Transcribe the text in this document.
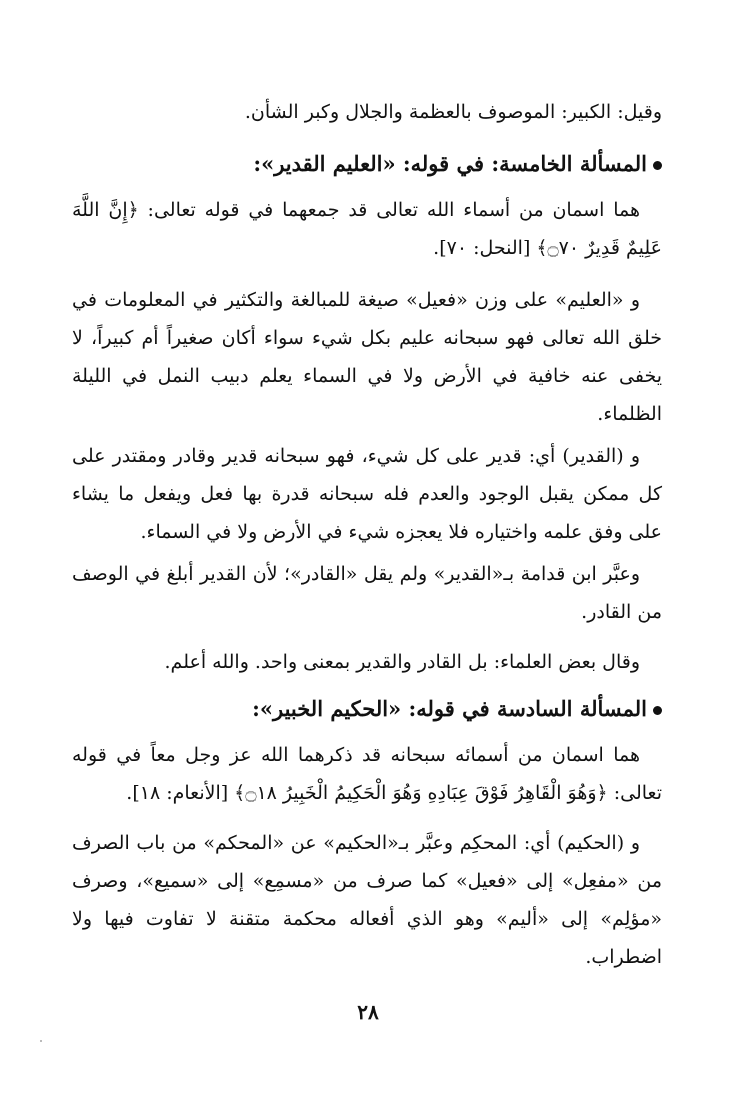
وقيل: الكبير: الموصوف بالعظمة والجلال وكبر الشأن.

المسألة الخامسة: في قوله: «العليم القدير»:

هما اسمان من أسماء الله تعالى قد جمعهما في قوله تعالى: ﴿إِنَّ اللَّهَ عَلِيمٌ قَدِيرٌ ۝٧٠﴾ [النحل: ٧٠].

و «العليم» على وزن «فعيل» صيغة للمبالغة والتكثير في المعلومات في خلق الله تعالى فهو سبحانه عليم بكل شيء سواء أكان صغيراً أم كبيراً، لا يخفى عنه خافية في الأرض ولا في السماء يعلم دبيب النمل في الليلة الظلماء.

و (القدير) أي: قدير على كل شيء، فهو سبحانه قدير وقادر ومقتدر على كل ممكن يقبل الوجود والعدم فله سبحانه قدرة بها فعل ويفعل ما يشاء على وفق علمه واختياره فلا يعجزه شيء في الأرض ولا في السماء.

وعبَّر ابن قدامة بـ«القدير» ولم يقل «القادر»؛ لأن القدير أبلغ في الوصف من القادر.

وقال بعض العلماء: بل القادر والقدير بمعنى واحد. والله أعلم.

المسألة السادسة في قوله: «الحكيم الخبير»:

هما اسمان من أسمائه سبحانه قد ذكرهما الله عز وجل معاً في قوله تعالى: ﴿وَهُوَ الْقَاهِرُ فَوْقَ عِبَادِهِ وَهُوَ الْحَكِيمُ الْخَبِيرُ ۝١٨﴾ [الأنعام: ١٨].

و (الحكيم) أي: المحكِم وعبَّر بـ«الحكيم» عن «المحكم» من باب الصرف من «مفعِل» إلى «فعيل» كما صرف من «مسمِع» إلى «سميع»، وصرف «مؤلِم» إلى «أليم» وهو الذي أفعاله محكمة متقنة لا تفاوت فيها ولا اضطراب.

٢٨
